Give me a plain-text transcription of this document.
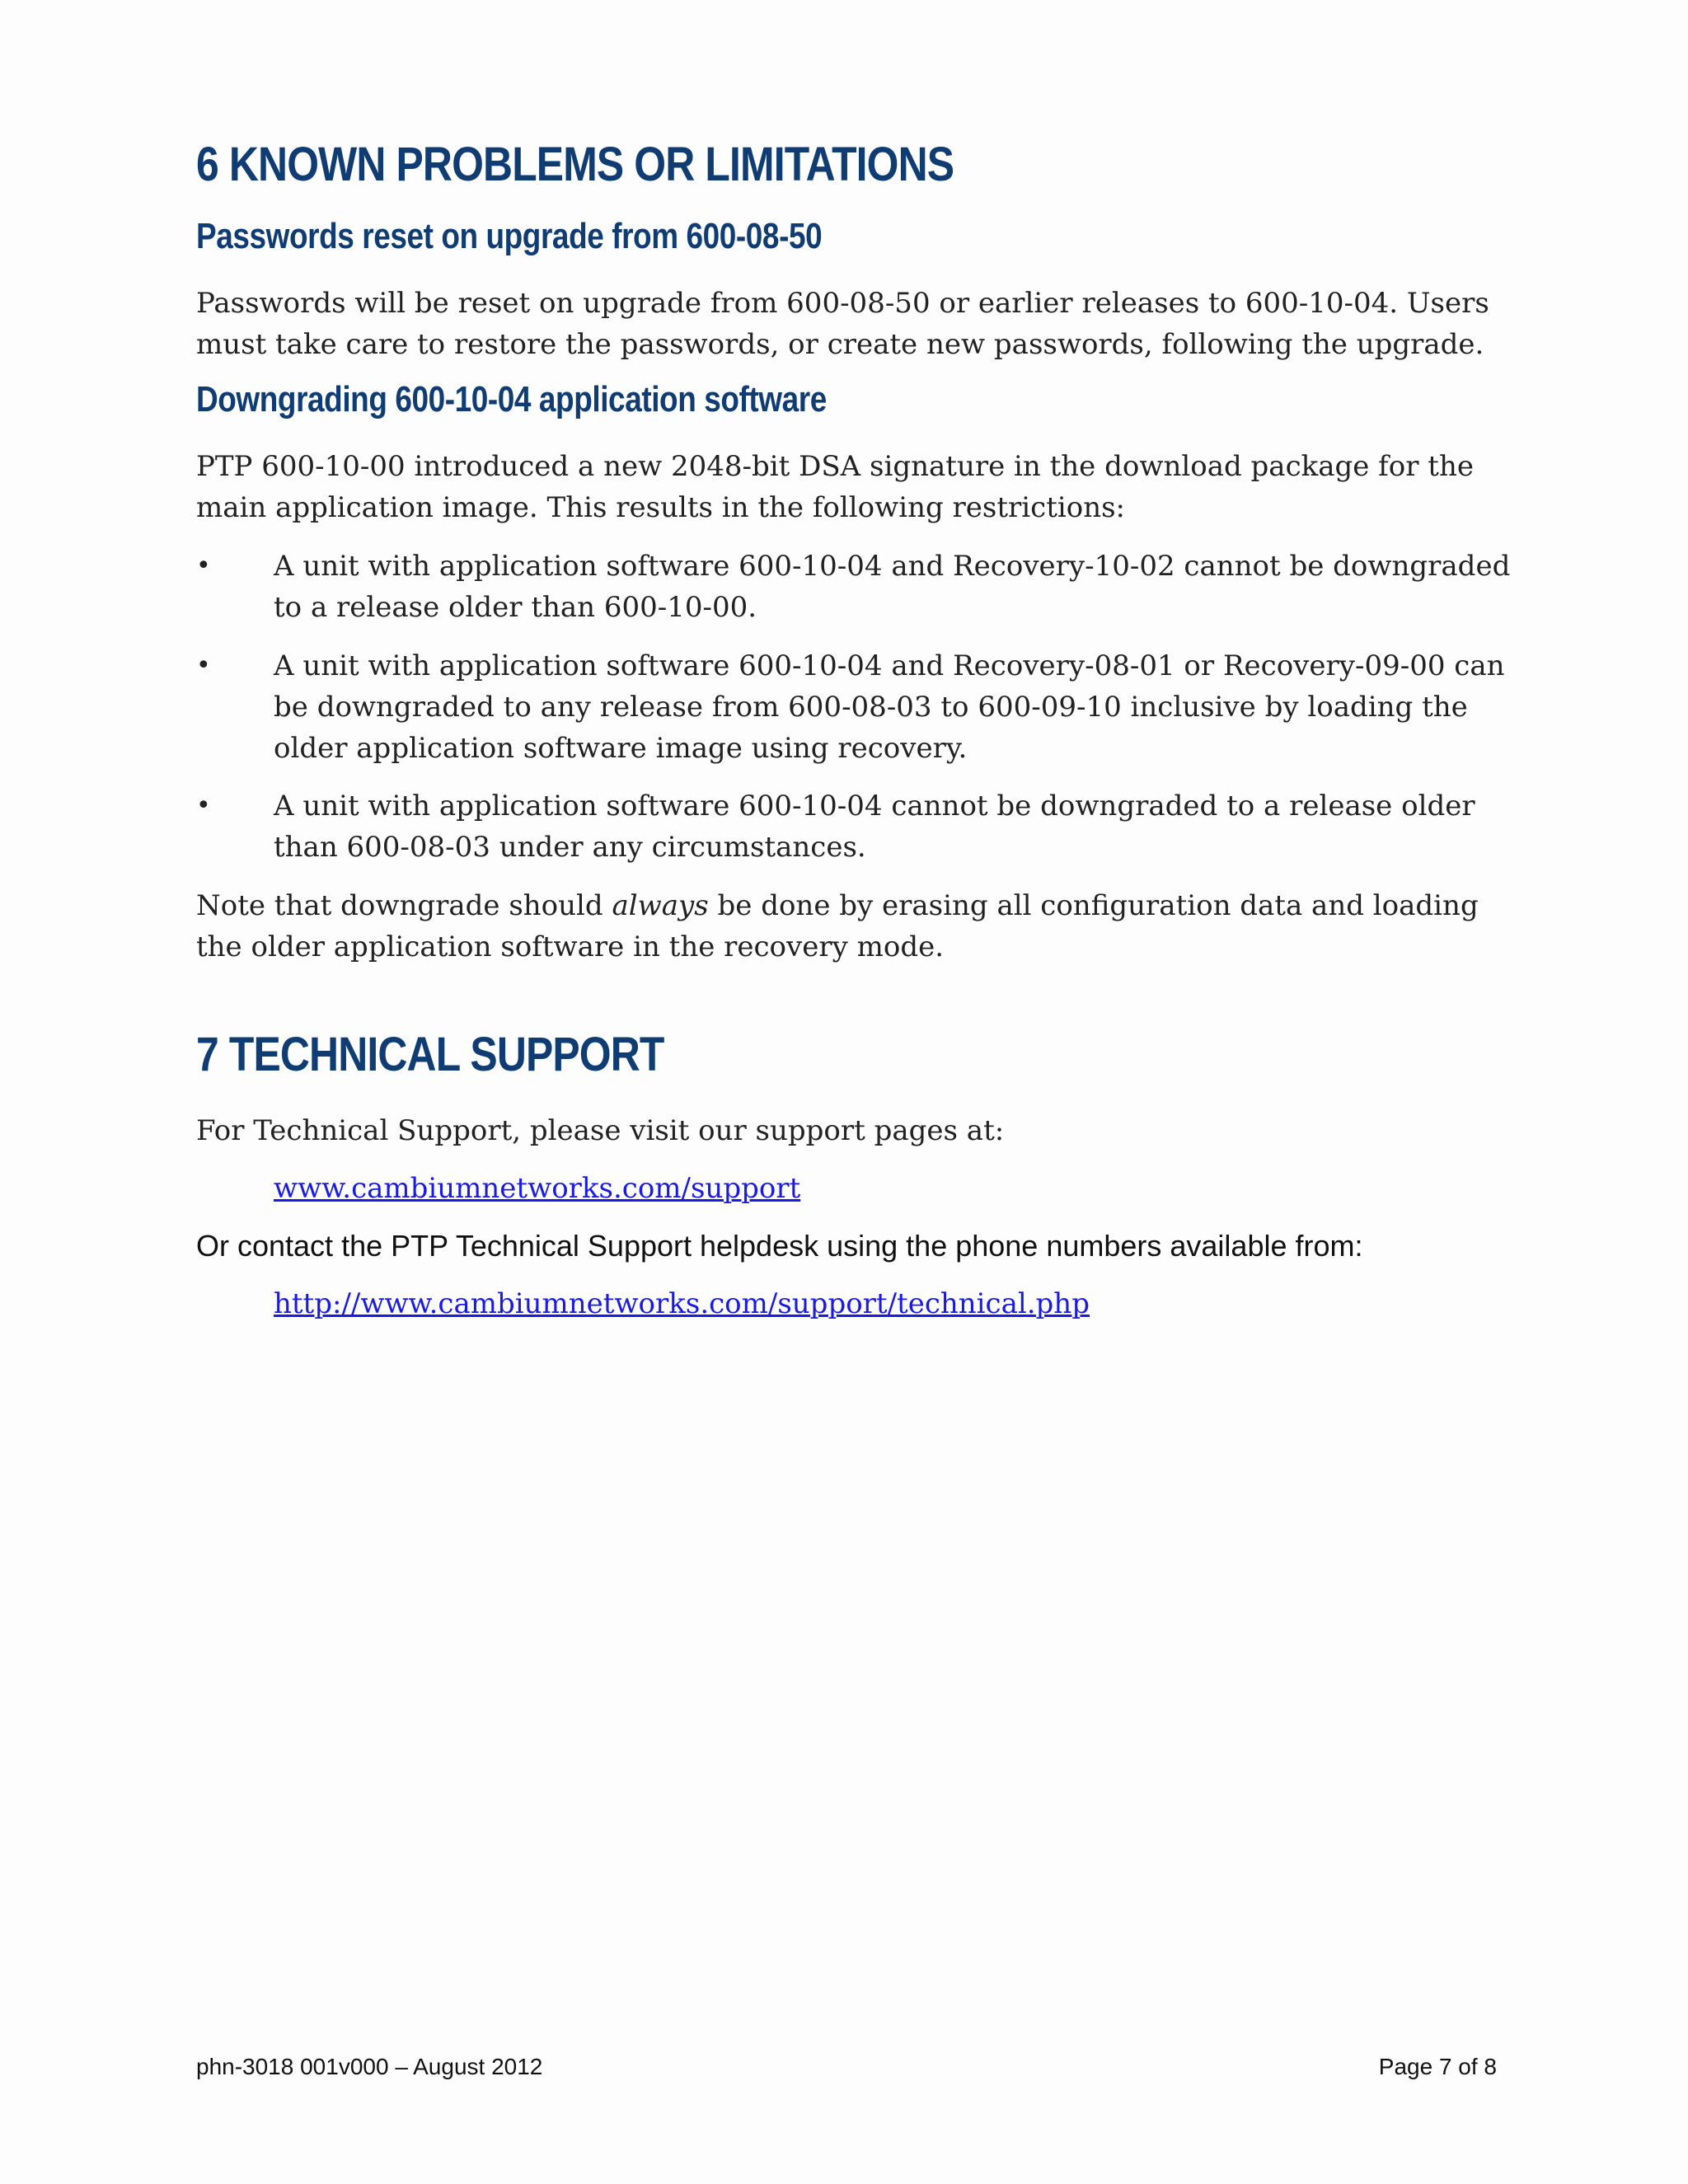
6 KNOWN PROBLEMS OR LIMITATIONS
Passwords reset on upgrade from 600-08-50
Passwords will be reset on upgrade from 600-08-50 or earlier releases to 600-10-04. Users must take care to restore the passwords, or create new passwords, following the upgrade.
Downgrading 600-10-04 application software
PTP 600-10-00 introduced a new 2048-bit DSA signature in the download package for the main application image. This results in the following restrictions:
• A unit with application software 600-10-04 and Recovery-10-02 cannot be downgraded to a release older than 600-10-00.
• A unit with application software 600-10-04 and Recovery-08-01 or Recovery-09-00 can be downgraded to any release from 600-08-03 to 600-09-10 inclusive by loading the older application software image using recovery.
• A unit with application software 600-10-04 cannot be downgraded to a release older than 600-08-03 under any circumstances.
Note that downgrade should always be done by erasing all configuration data and loading the older application software in the recovery mode.
7 TECHNICAL SUPPORT
For Technical Support, please visit our support pages at:
www.cambiumnetworks.com/support
Or contact the PTP Technical Support helpdesk using the phone numbers available from:
http://www.cambiumnetworks.com/support/technical.php
phn-3018 001v000 – August 2012	Page 7 of 8
